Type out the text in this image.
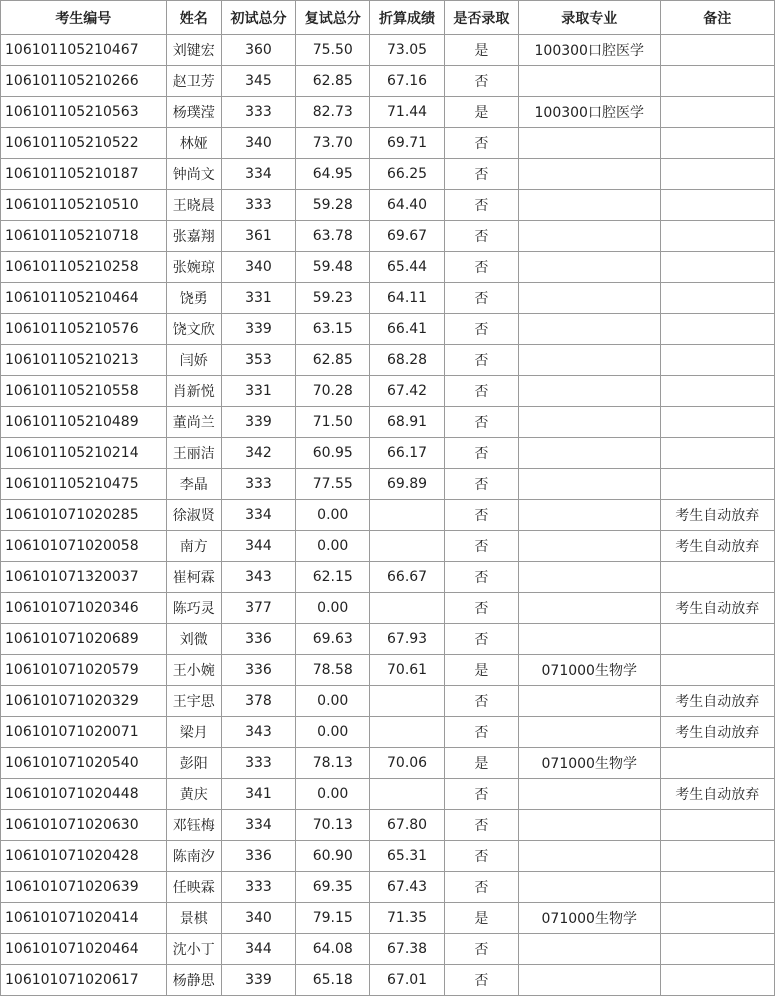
考生编号	姓名	初试总分	复试总分	折算成绩	是否录取	录取专业	备注
106101105210467	刘键宏	360	75.50	73.05	是	100300口腔医学	
106101105210266	赵卫芳	345	62.85	67.16	否		
106101105210563	杨璞滢	333	82.73	71.44	是	100300口腔医学	
106101105210522	林娅	340	73.70	69.71	否		
106101105210187	钟尚文	334	64.95	66.25	否		
106101105210510	王晓晨	333	59.28	64.40	否		
106101105210718	张嘉翔	361	63.78	69.67	否		
106101105210258	张婉琼	340	59.48	65.44	否		
106101105210464	饶勇	331	59.23	64.11	否		
106101105210576	饶文欣	339	63.15	66.41	否		
106101105210213	闫娇	353	62.85	68.28	否		
106101105210558	肖新悦	331	70.28	67.42	否		
106101105210489	董尚兰	339	71.50	68.91	否		
106101105210214	王丽洁	342	60.95	66.17	否		
106101105210475	李晶	333	77.55	69.89	否		
106101071020285	徐淑贤	334	0.00		否		考生自动放弃
106101071020058	南方	344	0.00		否		考生自动放弃
106101071320037	崔柯霖	343	62.15	66.67	否		
106101071020346	陈巧灵	377	0.00		否		考生自动放弃
106101071020689	刘微	336	69.63	67.93	否		
106101071020579	王小婉	336	78.58	70.61	是	071000生物学	
106101071020329	王宇思	378	0.00		否		考生自动放弃
106101071020071	梁月	343	0.00		否		考生自动放弃
106101071020540	彭阳	333	78.13	70.06	是	071000生物学	
106101071020448	黄庆	341	0.00		否		考生自动放弃
106101071020630	邓钰梅	334	70.13	67.80	否		
106101071020428	陈南汐	336	60.90	65.31	否		
106101071020639	任映霖	333	69.35	67.43	否		
106101071020414	景棋	340	79.15	71.35	是	071000生物学	
106101071020464	沈小丁	344	64.08	67.38	否		
106101071020617	杨静思	339	65.18	67.01	否		
